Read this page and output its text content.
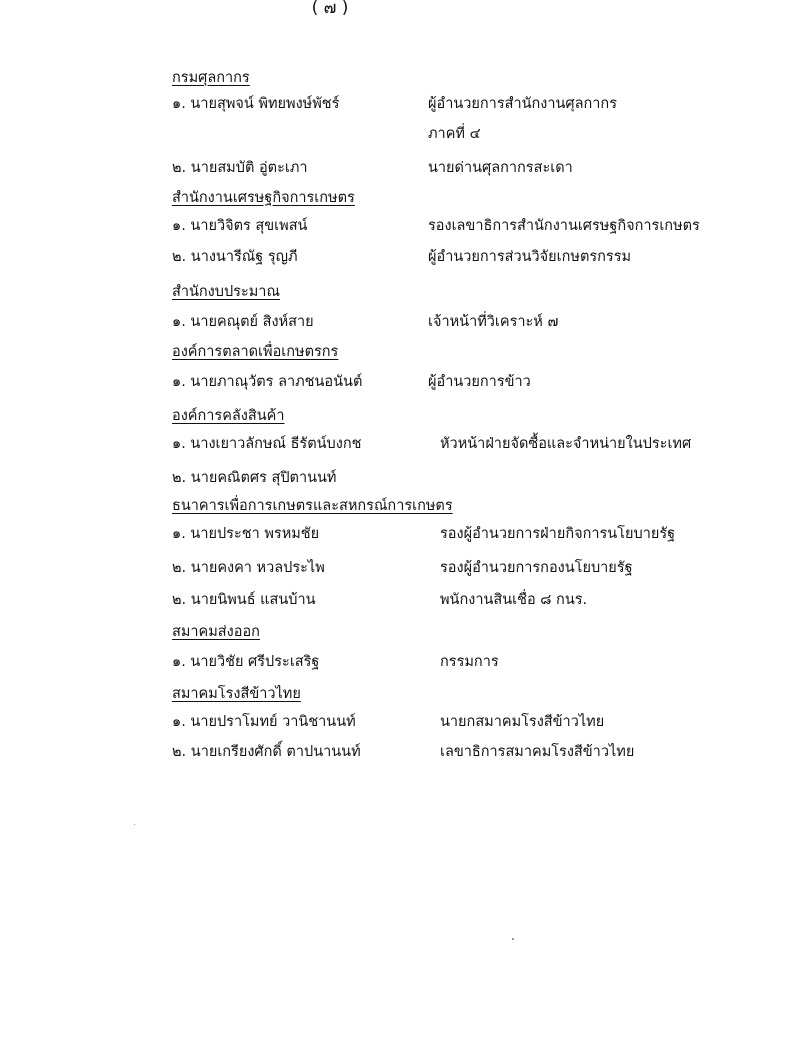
( ๗ )
กรมศุลกากร
๑. นายสุพจน์ พิทยพงษ์พัชร์	ผู้อำนวยการสำนักงานศุลกากร
ภาคที่ ๔
๒. นายสมบัติ อู่ตะเภา	นายด่านศุลกากรสะเดา
สำนักงานเศรษฐกิจการเกษตร
๑. นายวิจิตร สุขเพสน์	รองเลขาธิการสำนักงานเศรษฐกิจการเกษตร
๒. นางนารีณัฐ รุญภี	ผู้อำนวยการส่วนวิจัยเกษตรกรรม
สำนักงบประมาณ
๑. นายคณุตย์ สิงห์สาย	เจ้าหน้าที่วิเคราะห์ ๗
องค์การตลาดเพื่อเกษตรกร
๑. นายภาณุวัตร ลาภชนอนันต์	ผู้อำนวยการข้าว
องค์การคลังสินค้า
๑. นางเยาวลักษณ์ ธีรัตน์บงกช	หัวหน้าฝ่ายจัดซื้อและจำหน่ายในประเทศ
๒. นายคณิตศร สุปิตานนท์
ธนาคารเพื่อการเกษตรและสหกรณ์การเกษตร
๑. นายประชา พรหมชัย	รองผู้อำนวยการฝ่ายกิจการนโยบายรัฐ
๒. นายคงคา หวลประไพ	รองผู้อำนวยการกองนโยบายรัฐ
๒. นายนิพนธ์ แสนบ้าน	พนักงานสินเชื่อ ๘ กนร.
สมาคมส่งออก
๑. นายวิชัย ศรีประเสริฐ	กรรมการ
สมาคมโรงสีข้าวไทย
๑. นายปราโมทย์ วานิชานนท์	นายกสมาคมโรงสีข้าวไทย
๒. นายเกรียงศักดิ์ ตาปนานนท์	เลขาธิการสมาคมโรงสีข้าวไทย
